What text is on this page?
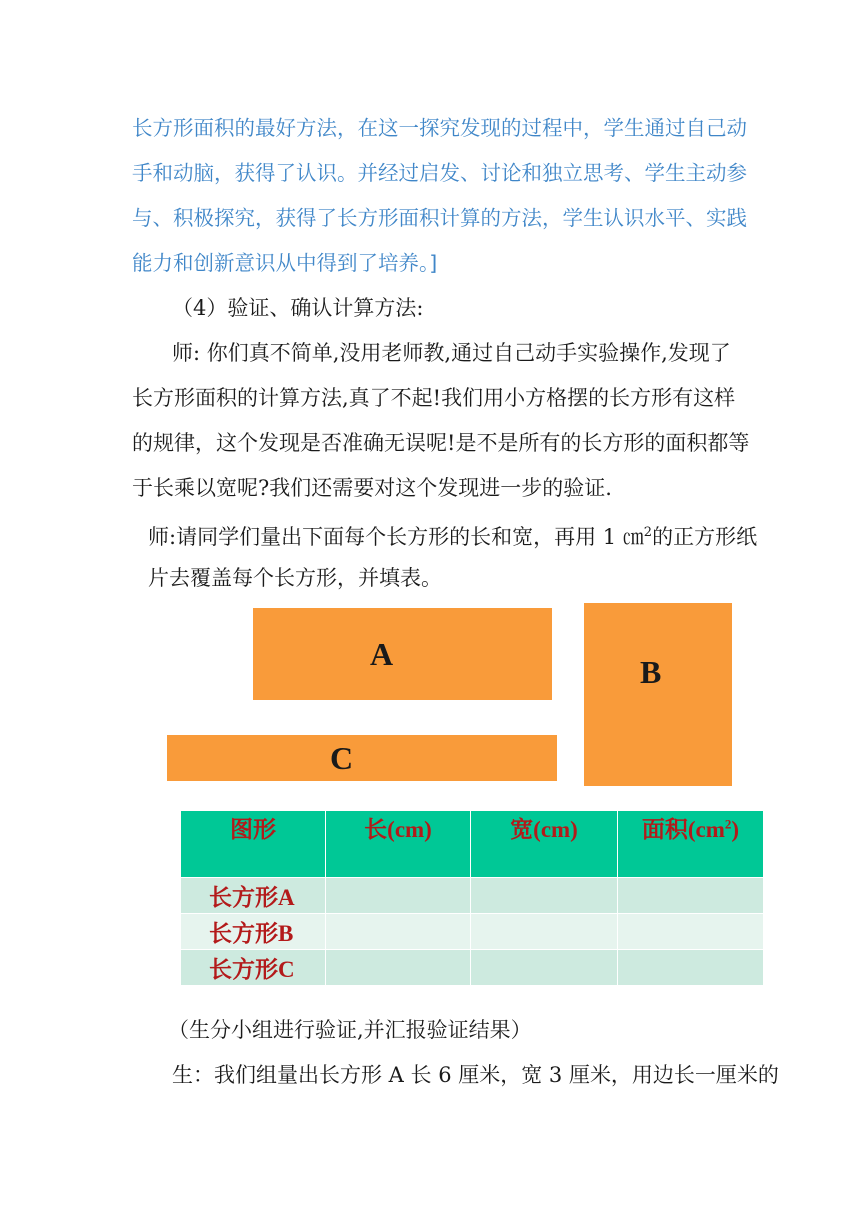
长方形面积的最好方法，在这一探究发现的过程中，学生通过自己动
手和动脑，获得了认识。并经过启发、讨论和独立思考、学生主动参
与、积极探究，获得了长方形面积计算的方法，学生认识水平、实践
能力和创新意识从中得到了培养。]
（4）验证、确认计算方法:
师: 你们真不简单,没用老师教,通过自己动手实验操作,发现了
长方形面积的计算方法,真了不起!我们用小方格摆的长方形有这样
的规律，这个发现是否准确无误呢!是不是所有的长方形的面积都等
于长乘以宽呢?我们还需要对这个发现进一步的验证.
师:请同学们量出下面每个长方形的长和宽，再用 1 ㎝$^2$的正方形纸
片去覆盖每个长方形，并填表。
A	B
C
图形	长(cm)	宽(cm)	面积$(cm^2)$
长方形A			
长方形B			
长方形C			
（生分小组进行验证,并汇报验证结果）
生：我们组量出长方形 A 长 6 厘米，宽 3 厘米，用边长一厘米的
